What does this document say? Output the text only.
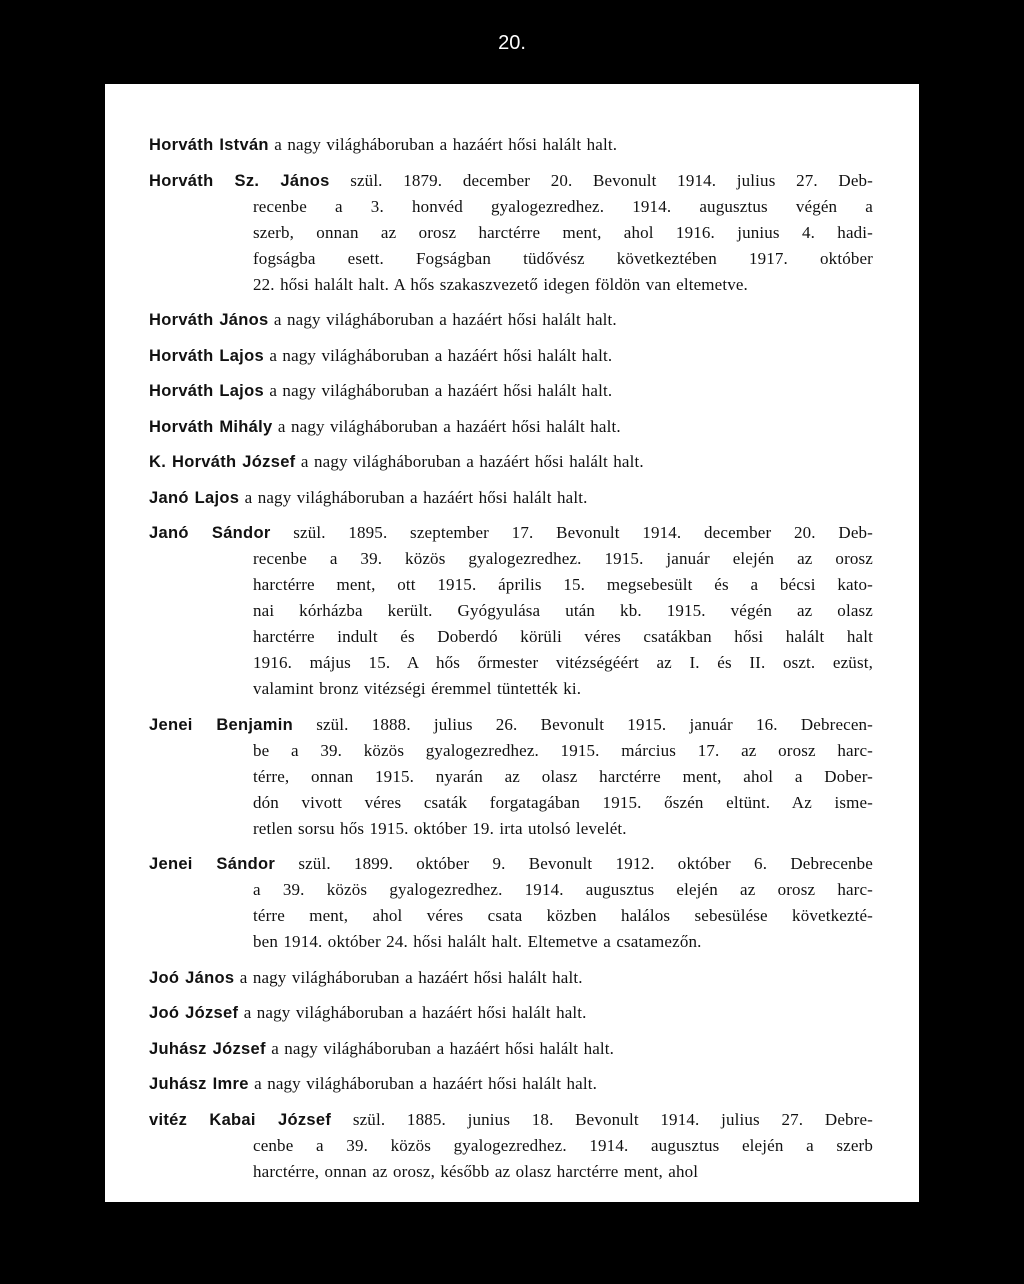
20.
Horváth István a nagy világháboruban a hazáért hősi halált halt.
Horváth Sz. János szül. 1879. december 20. Bevonult 1914. julius 27. Deb-
recenbe a 3. honvéd gyalogezredhez. 1914. augusztus végén a
szerb, onnan az orosz harctérre ment, ahol 1916. junius 4. hadi-
fogságba esett. Fogságban tüdővész következtében 1917. október
22. hősi halált halt. A hős szakaszvezető idegen földön van eltemetve.
Horváth János a nagy világháboruban a hazáért hősi halált halt.
Horváth Lajos a nagy világháboruban a hazáért hősi halált halt.
Horváth Lajos a nagy világháboruban a hazáért hősi halált halt.
Horváth Mihály a nagy világháboruban a hazáért hősi halált halt.
K. Horváth József a nagy világháboruban a hazáért hősi halált halt.
Janó Lajos a nagy világháboruban a hazáért hősi halált halt.
Janó Sándor szül. 1895. szeptember 17. Bevonult 1914. december 20. Deb-
recenbe a 39. közös gyalogezredhez. 1915. január elején az orosz
harctérre ment, ott 1915. április 15. megsebesült és a bécsi kato-
nai kórházba került. Gyógyulása után kb. 1915. végén az olasz
harctérre indult és Doberdó körüli véres csatákban hősi halált halt
1916. május 15. A hős őrmester vitézségéért az I. és II. oszt. ezüst,
valamint bronz vitézségi éremmel tüntették ki.
Jenei Benjamin szül. 1888. julius 26. Bevonult 1915. január 16. Debrecen-
be a 39. közös gyalogezredhez. 1915. március 17. az orosz harc-
térre, onnan 1915. nyarán az olasz harctérre ment, ahol a Dober-
dón vivott véres csaták forgatagában 1915. őszén eltünt. Az isme-
retlen sorsu hős 1915. október 19. irta utolsó levelét.
Jenei Sándor szül. 1899. október 9. Bevonult 1912. október 6. Debrecenbe
a 39. közös gyalogezredhez. 1914. augusztus elején az orosz harc-
térre ment, ahol véres csata közben halálos sebesülése következté-
ben 1914. október 24. hősi halált halt. Eltemetve a csatamezőn.
Joó János a nagy világháboruban a hazáért hősi halált halt.
Joó József a nagy világháboruban a hazáért hősi halált halt.
Juhász József a nagy világháboruban a hazáért hősi halált halt.
Juhász Imre a nagy világháboruban a hazáért hősi halált halt.
vitéz Kabai József szül. 1885. junius 18. Bevonult 1914. julius 27. Debre-
cenbe a 39. közös gyalogezredhez. 1914. augusztus elején a szerb
harctérre, onnan az orosz, később az olasz harctérre ment, ahol
